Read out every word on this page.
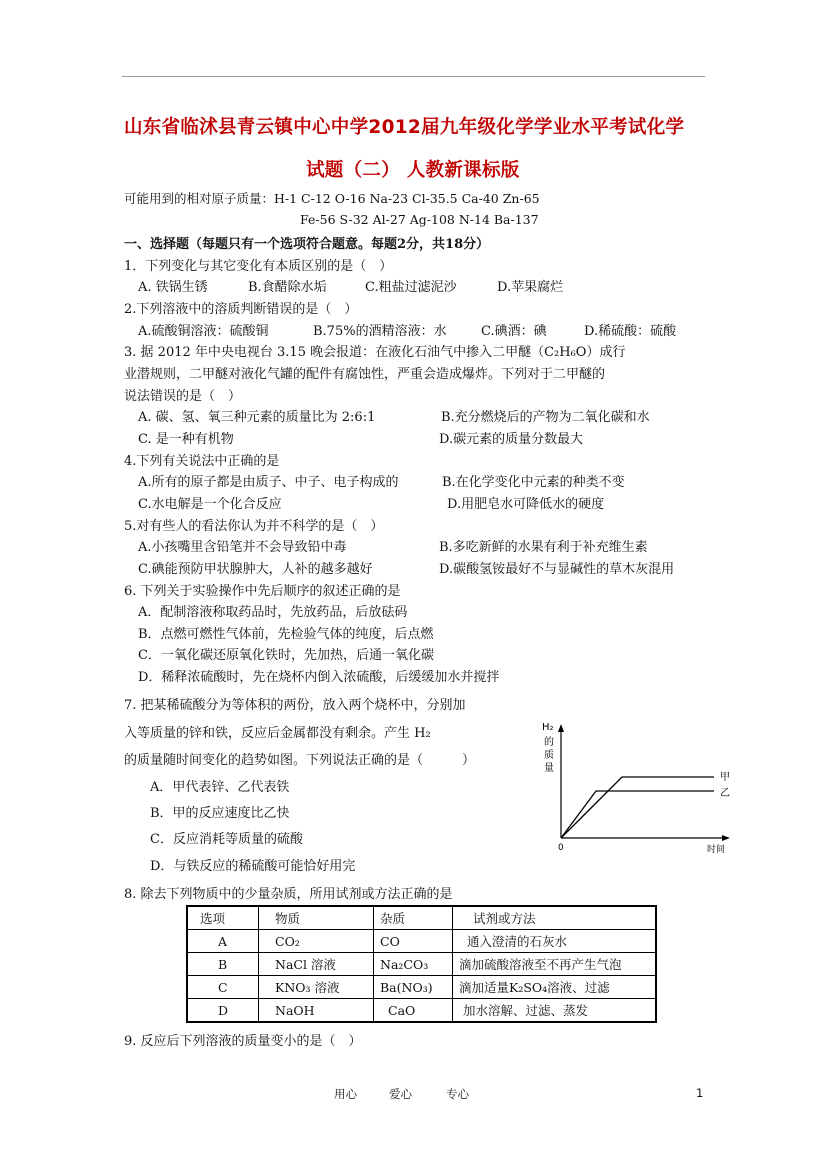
山东省临沭县青云镇中心中学2012届九年级化学学业水平考试化学
试题（二） 人教新课标版
可能用到的相对原子质量：H-1 C-12 O-16 Na-23 Cl-35.5 Ca-40 Zn-65
Fe-56 S-32 Al-27 Ag-108 N-14 Ba-137
一、选择题（每题只有一个选项符合题意。每题2分，共18分）
1．下列变化与其它变化有本质区别的是（　）
A. 铁锅生锈	B.食醋除水垢	C.粗盐过滤泥沙	D.苹果腐烂
2.下列溶液中的溶质判断错误的是（　）
A.硫酸铜溶液：硫酸铜	B.75%的酒精溶液：水	C.碘酒：碘	D.稀硫酸：硫酸
3. 据 2012 年中央电视台 3.15 晚会报道：在液化石油气中掺入二甲醚（C₂H₆O）成行
业潜规则，二甲醚对液化气罐的配件有腐蚀性，严重会造成爆炸。下列对于二甲醚的
说法错误的是（　）
A. 碳、氢、氧三种元素的质量比为 2:6:1	B.充分燃烧后的产物为二氧化碳和水
C. 是一种有机物	D.碳元素的质量分数最大
4.下列有关说法中正确的是
A.所有的原子都是由质子、中子、电子构成的	B.在化学变化中元素的种类不变
C.水电解是一个化合反应	D.用肥皂水可降低水的硬度
5.对有些人的看法你认为并不科学的是（　）
A.小孩嘴里含铅笔并不会导致铅中毒	B.多吃新鲜的水果有利于补充维生素
C.碘能预防甲状腺肿大，人补的越多越好	D.碳酸氢铵最好不与显碱性的草木灰混用
6. 下列关于实验操作中先后顺序的叙述正确的是
A．配制溶液称取药品时，先放药品，后放砝码
B．点燃可燃性气体前，先检验气体的纯度，后点燃
C．一氧化碳还原氧化铁时，先加热，后通一氧化碳
D．稀释浓硫酸时，先在烧杯内倒入浓硫酸，后缓缓加水并搅拌
7. 把某稀硫酸分为等体积的两份，放入两个烧杯中，分别加
入等质量的锌和铁，反应后金属都没有剩余。产生 H₂
的质量随时间变化的趋势如图。下列说法正确的是（　　　）
A．甲代表锌、乙代表铁
B．甲的反应速度比乙快
C．反应消耗等质量的硫酸
D．与铁反应的稀硫酸可能恰好用完
H₂
的
质
量
0	时间
甲
乙
8. 除去下列物质中的少量杂质，所用试剂或方法正确的是
选项	物质	杂质	试剂或方法
A	CO₂	CO	通入澄清的石灰水
B	NaCl 溶液	Na₂CO₃	滴加硫酸溶液至不再产生气泡
C	KNO₃ 溶液	Ba(NO₃)	滴加适量K₂SO₄溶液、过滤
D	NaOH	CaO	加水溶解、过滤、蒸发
9. 反应后下列溶液的质量变小的是（　）
用心	爱心	专心	1
